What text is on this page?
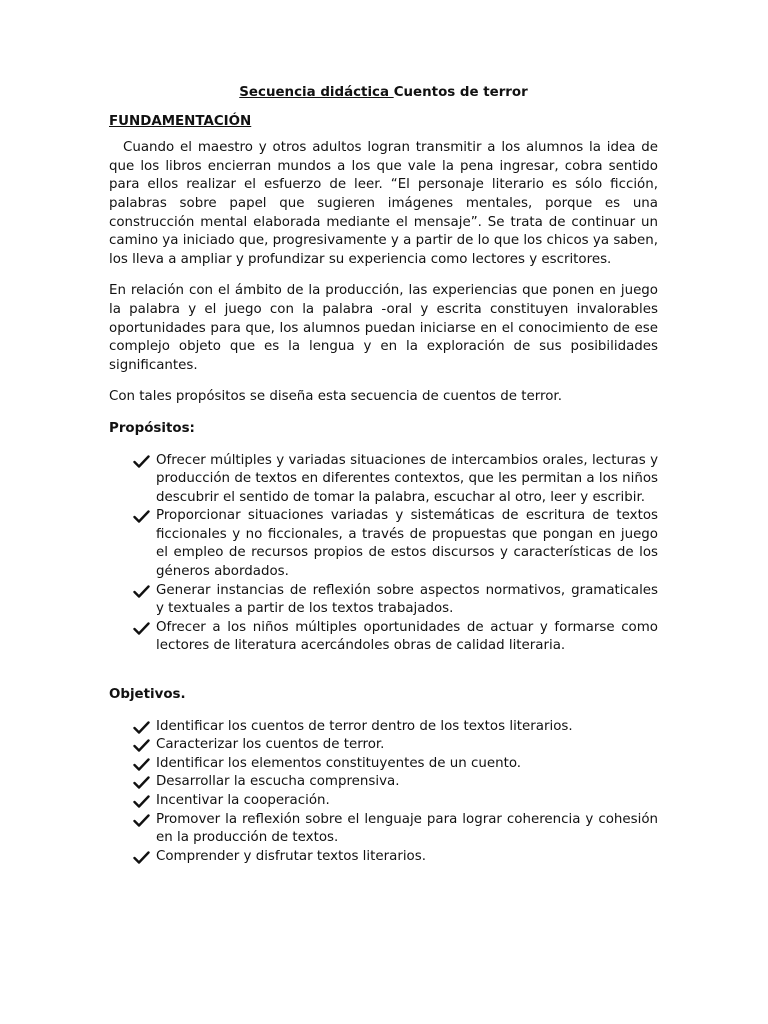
Secuencia didáctica Cuentos de terror
FUNDAMENTACIÓN

Cuando el maestro y otros adultos logran transmitir a los alumnos la idea de que los libros encierran mundos a los que vale la pena ingresar, cobra sentido para ellos realizar el esfuerzo de leer. “El personaje literario es sólo ficción, palabras sobre papel que sugieren imágenes mentales, porque es una construcción mental elaborada mediante el mensaje”. Se trata de continuar un camino ya iniciado que, progresivamente y a partir de lo que los chicos ya saben, los lleva a ampliar y profundizar su experiencia como lectores y escritores.

En relación con el ámbito de la producción, las experiencias que ponen en juego la palabra y el juego con la palabra -oral y escrita constituyen invalorables oportunidades para que, los alumnos puedan iniciarse en el conocimiento de ese complejo objeto que es la lengua y en la exploración de sus posibilidades significantes.

Con tales propósitos se diseña esta secuencia de cuentos de terror.

Propósitos:
Ofrecer múltiples y variadas situaciones de intercambios orales, lecturas y producción de textos en diferentes contextos, que les permitan a los niños descubrir el sentido de tomar la palabra, escuchar al otro, leer y escribir.
Proporcionar situaciones variadas y sistemáticas de escritura de textos ficcionales y no ficcionales, a través de propuestas que pongan en juego el empleo de recursos propios de estos discursos y características de los géneros abordados.
Generar instancias de reflexión sobre aspectos normativos, gramaticales y textuales a partir de los textos trabajados.
Ofrecer a los niños múltiples oportunidades de actuar y formarse como lectores de literatura acercándoles obras de calidad literaria.
Objetivos.
Identificar los cuentos de terror dentro de los textos literarios.
Caracterizar los cuentos de terror.
Identificar los elementos constituyentes de un cuento.
Desarrollar la escucha comprensiva.
Incentivar la cooperación.
Promover la reflexión sobre el lenguaje para lograr coherencia y cohesión en la producción de textos.
Comprender y disfrutar textos literarios.
